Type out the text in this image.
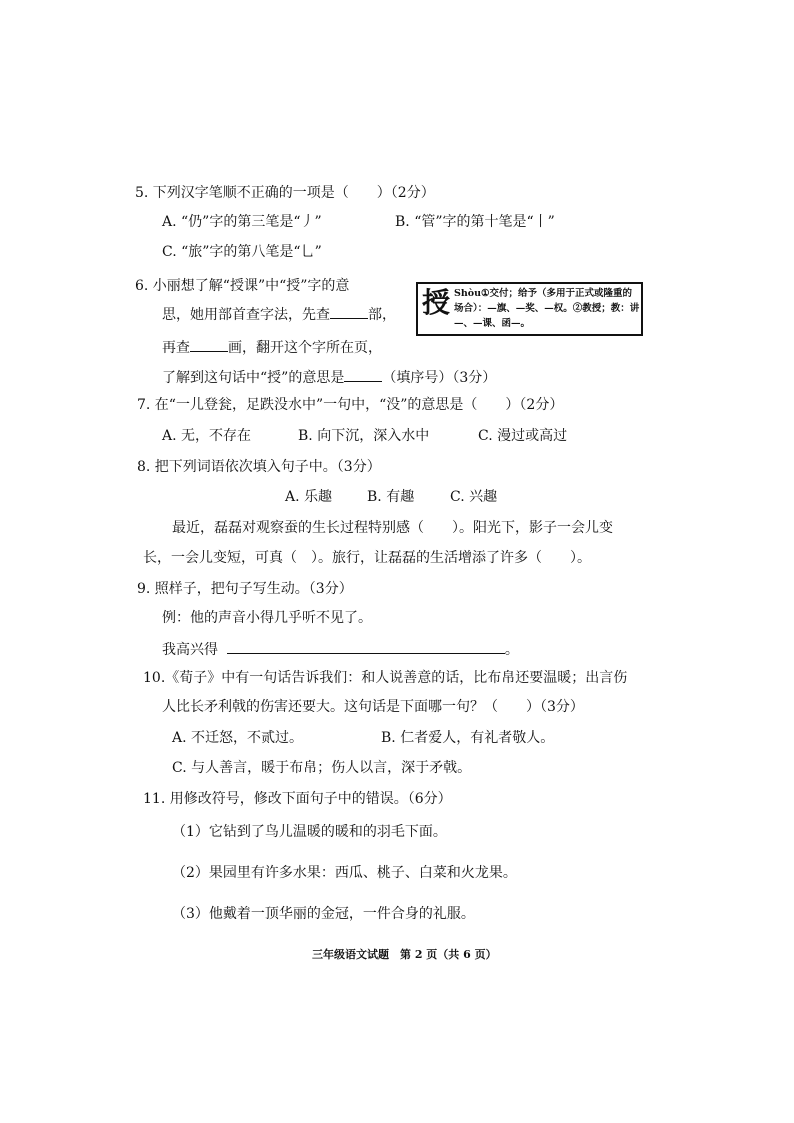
5. 下列汉字笔顺不正确的一项是（　　）（2分）
A. “仍”字的第三笔是“丿”	B. “管”字的第十笔是“丨”
C. “旅”字的第八笔是“乚”
6. 小丽想了解“授课”中“授”字的意
思，她用部首查字法，先查	部，
再查	画，翻开这个字所在页，
了解到这句话中“授”的意思是	（填序号）（3分）
授 Shòu①交付；给予（多用于正式或隆重的场合）：—旗、—奖、—权。②教授；教：讲—、—课、函—。
7. 在“一儿登瓮，足跌没水中”一句中，“没”的意思是（　　）（2分）
A. 无，不存在	B. 向下沉，深入水中	C. 漫过或高过
8. 把下列词语依次填入句子中。（3分）
A. 乐趣 B. 有趣	C. 兴趣
最近，磊磊对观察蚕的生长过程特别感（　　）。阳光下，影子一会儿变
长，一会儿变短，可真（　）。旅行，让磊磊的生活增添了许多（　　）。
9. 照样子，把句子写生动。（3分）
例：他的声音小得几乎听不见了。
我高兴得	。
10.《荀子》中有一句话告诉我们：和人说善意的话，比布帛还要温暖；出言伤
人比长矛利戟的伤害还要大。这句话是下面哪一句？（　　）（3分）
A. 不迁怒，不贰过。	B. 仁者爱人，有礼者敬人。
C. 与人善言，暖于布帛；伤人以言，深于矛戟。
11. 用修改符号，修改下面句子中的错误。（6分）
（1）它钻到了鸟儿温暖的暖和的羽毛下面。
（2）果园里有许多水果：西瓜、桃子、白菜和火龙果。
（3）他戴着一顶华丽的金冠，一件合身的礼服。
三年级语文试题　第 2 页（共 6 页）
